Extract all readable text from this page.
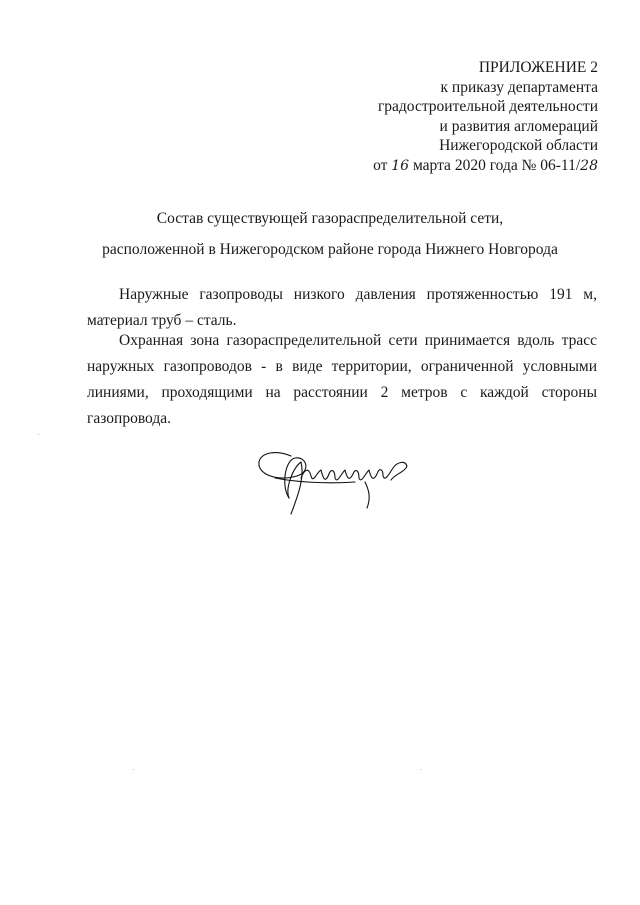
ПРИЛОЖЕНИЕ 2
к приказу департамента
градостроительной деятельности
и развития агломераций
Нижегородской области
от 16 марта 2020 года № 06-11/28
Состав существующей газораспределительной сети,
расположенной в Нижегородском районе города Нижнего Новгорода
Наружные газопроводы низкого давления протяженностью 191 м, материал труб – сталь.
Охранная зона газораспределительной сети принимается вдоль трасс наружных газопроводов - в виде территории, ограниченной условными линиями, проходящими на расстоянии 2 метров с каждой стороны газопровода.
